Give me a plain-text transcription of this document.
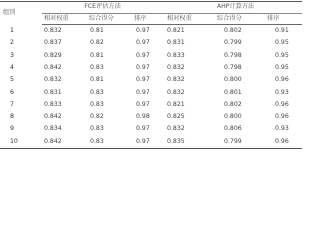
组别	FCE评估方法			AHP计算方法		
	相对权重	综合得分	排序	相对权重	综合得分	排序
1	0.832	0.81	0.97	0.821	0.802	0.91
2	0.837	0.82	0.97	0.831	0.799	0.95
3	0.829	0.81	0.97	0.833	0.798	0.95
4	0.842	0.83	0.97	0.832	0.798	0.95
5	0.832	0.81	0.97	0.832	0.800	0.96
6	0.831	0.83	0.97	0.832	0.801	0.93
7	0.833	0.83	0.97	0.821	0.802	0.96
8	0.842	0.82	0.98	0.825	0.800	0.96
9	0.834	0.83	0.97	0.832	0.806	0.93
10	0.842	0.83	0.97	0.835	0.799	0.96
